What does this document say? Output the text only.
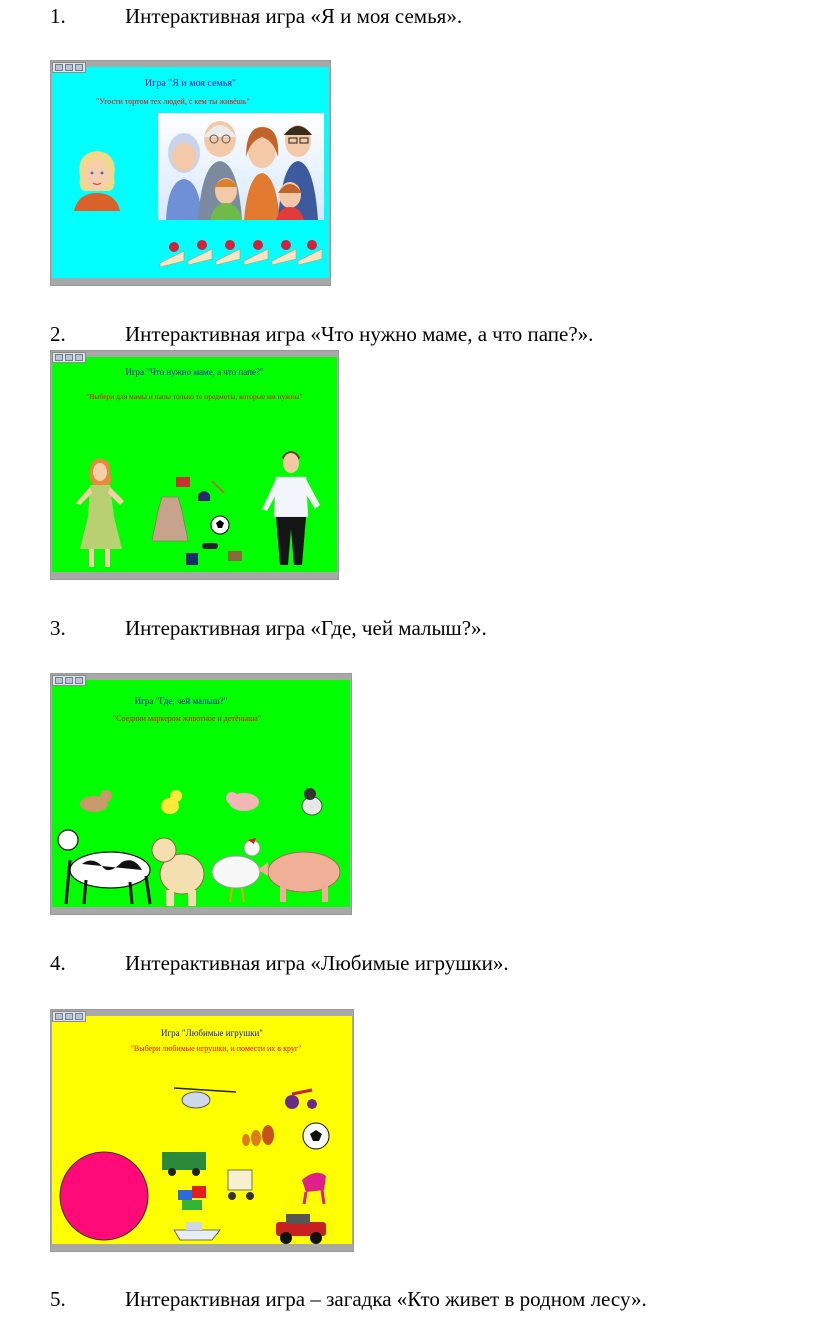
1.	Интерактивная игра «Я и моя семья».
Игра "Я и моя семья"
"Угости тортом тех людей, с кем ты живёшь"
2.	Интерактивная игра «Что нужно маме, а что папе?».
Игра "Что нужно маме, а что папе?"
"Выбери для мамы и папы только те предметы, которые им нужны"
3.	Интерактивная игра «Где, чей малыш?».
Игра "Где, чей малыш?"
"Соедини маркером животное и детёныша"
4.	Интерактивная игра «Любимые игрушки».
Игра "Любимые игрушки"
"Выбери любимые игрушки, и помести их в круг"
5.	Интерактивная игра – загадка «Кто живет в родном лесу».
